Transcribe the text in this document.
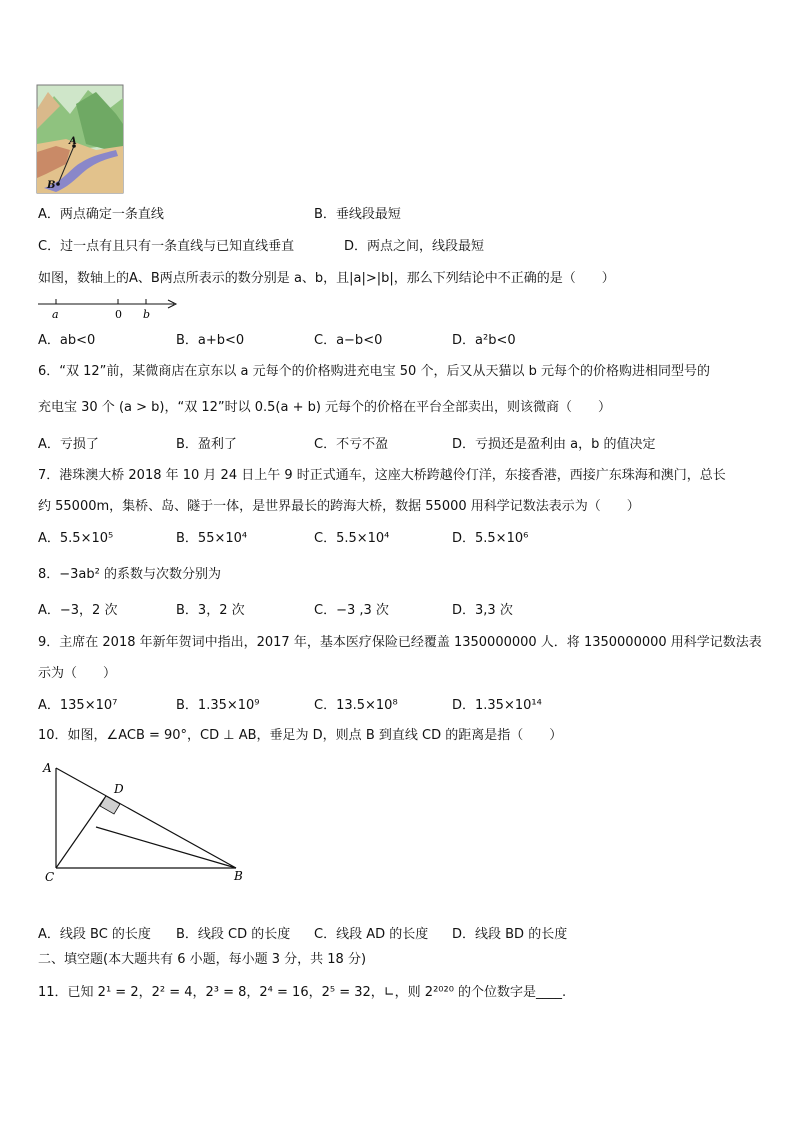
A
B
A．两点确定一条直线	B．垂线段最短
C．过一点有且只有一条直线与已知直线垂直	D．两点之间，线段最短
如图，数轴上的A、B两点所表示的数分别是 a、b，且|a|>|b|，那么下列结论中不正确的是（　　）
a	0 b
A．ab<0	B．a+b<0	C．a−b<0	D．a²b<0
6．“双 12”前，某微商店在京东以 a 元每个的价格购进充电宝 50 个，后又从天猫以 b 元每个的价格购进相同型号的
充电宝 30 个 (a > b)，“双 12”时以 0.5(a + b) 元每个的价格在平台全部卖出，则该微商（　　）
A．亏损了	B．盈利了	C．不亏不盈	D．亏损还是盈利由 a，b 的值决定
7．港珠澳大桥 2018 年 10 月 24 日上午 9 时正式通车，这座大桥跨越伶仃洋，东接香港，西接广东珠海和澳门，总长
约 55000m，集桥、岛、隧于一体，是世界最长的跨海大桥，数据 55000 用科学记数法表示为（　　）
A．5.5×10⁵	B．55×10⁴	C．5.5×10⁴	D．5.5×10⁶
8．−3ab² 的系数与次数分别为
A．−3，2 次	B．3，2 次	C．−3 ,3 次	D．3,3 次
9．主席在 2018 年新年贺词中指出，2017 年，基本医疗保险已经覆盖 1350000000 人．将 1350000000 用科学记数法表
示为（　　）
A．135×10⁷	B．1.35×10⁹	C．13.5×10⁸	D．1.35×10¹⁴
10．如图，∠ACB = 90°，CD ⊥ AB，垂足为 D，则点 B 到直线 CD 的距离是指（　　）
A
C	B
D
A．线段 BC 的长度 B．线段 CD 的长度 C．线段 AD 的长度 D．线段 BD 的长度
二、填空题(本大题共有 6 小题，每小题 3 分，共 18 分)
11．已知 2¹ = 2，2² = 4，2³ = 8，2⁴ = 16，2⁵ = 32，∟，则 2²⁰²⁰ 的个位数字是____.
